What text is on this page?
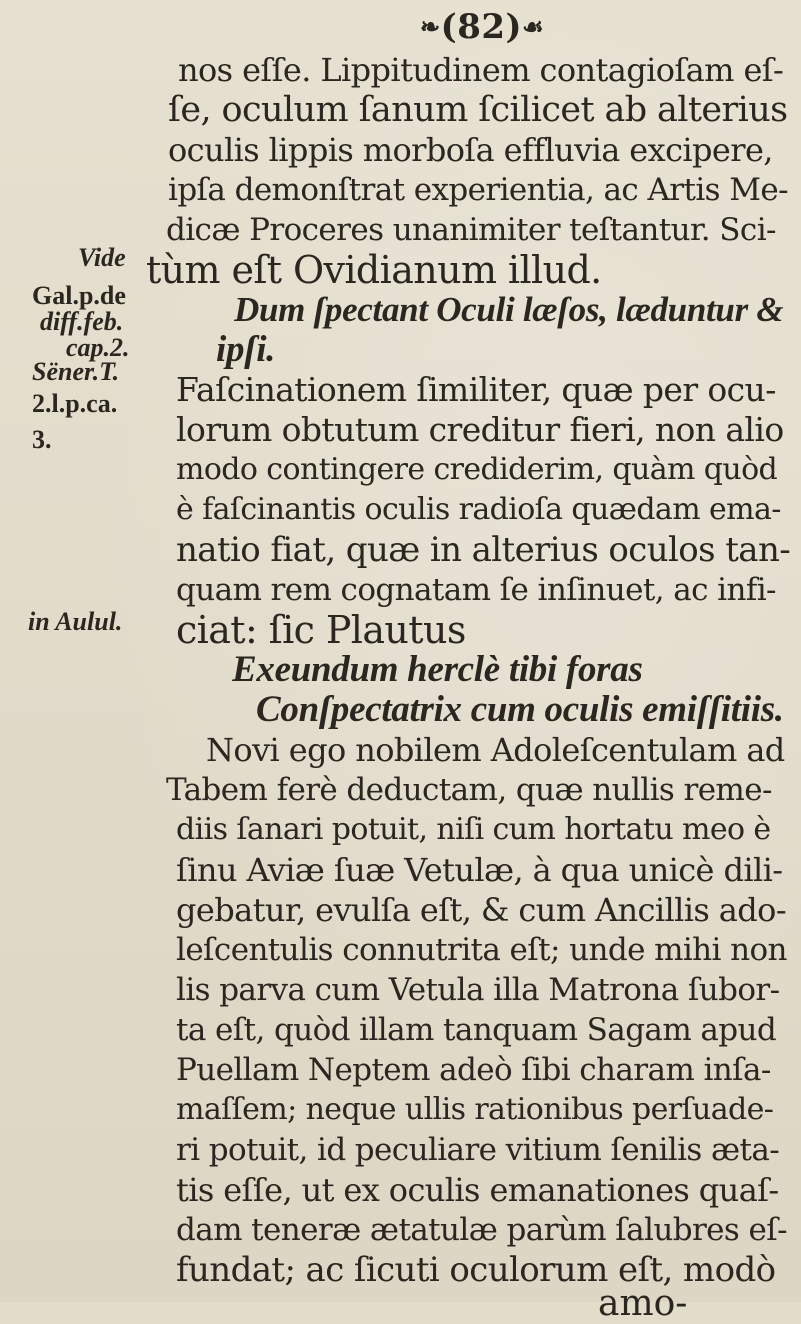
❧(82)☙
Vide
Gal.p.de
diff.feb.
cap.2.
Sëner.T.
2.l.p.ca.
3.
in Aulul.
nos eſſe. Lippitudinem contagioſam eſ-
ſe, oculum ſanum ſcilicet ab alterius
oculis lippis morboſa effluvia excipere,
ipſa demonſtrat experientia, ac Artis Me-
dicæ Proceres unanimiter teſtantur. Sci-
tùm eſt Ovidianum illud.
Dum ſpectant Oculi læſos, læduntur &
ipſi.
Faſcinationem ſimiliter, quæ per ocu-
lorum obtutum creditur fieri, non alio
modo contingere crediderim, quàm quòd
è faſcinantis oculis radioſa quædam ema-
natio fiat, quæ in alterius oculos tan-
quam rem cognatam ſe inſinuet, ac infi-
ciat: ſic Plautus
Exeundum herclè tibi foras
Conſpectatrix cum oculis emiſſitiis.
Novi ego nobilem Adoleſcentulam ad
Tabem ferè deductam, quæ nullis reme-
diis ſanari potuit, niſi cum hortatu meo è
ſinu Aviæ ſuæ Vetulæ, à qua unicè dili-
gebatur, evulſa eſt, & cum Ancillis ado-
leſcentulis connutrita eſt; unde mihi non
lis parva cum Vetula illa Matrona ſubor-
ta eſt, quòd illam tanquam Sagam apud
Puellam Neptem adeò ſibi charam inſa-
maſſem; neque ullis rationibus perſuade-
ri potuit, id peculiare vitium ſenilis æta-
tis eſſe, ut ex oculis emanationes quaſ-
dam teneræ ætatulæ parùm ſalubres eſ-
fundat; ac ſicuti oculorum eſt, modò
amo-
